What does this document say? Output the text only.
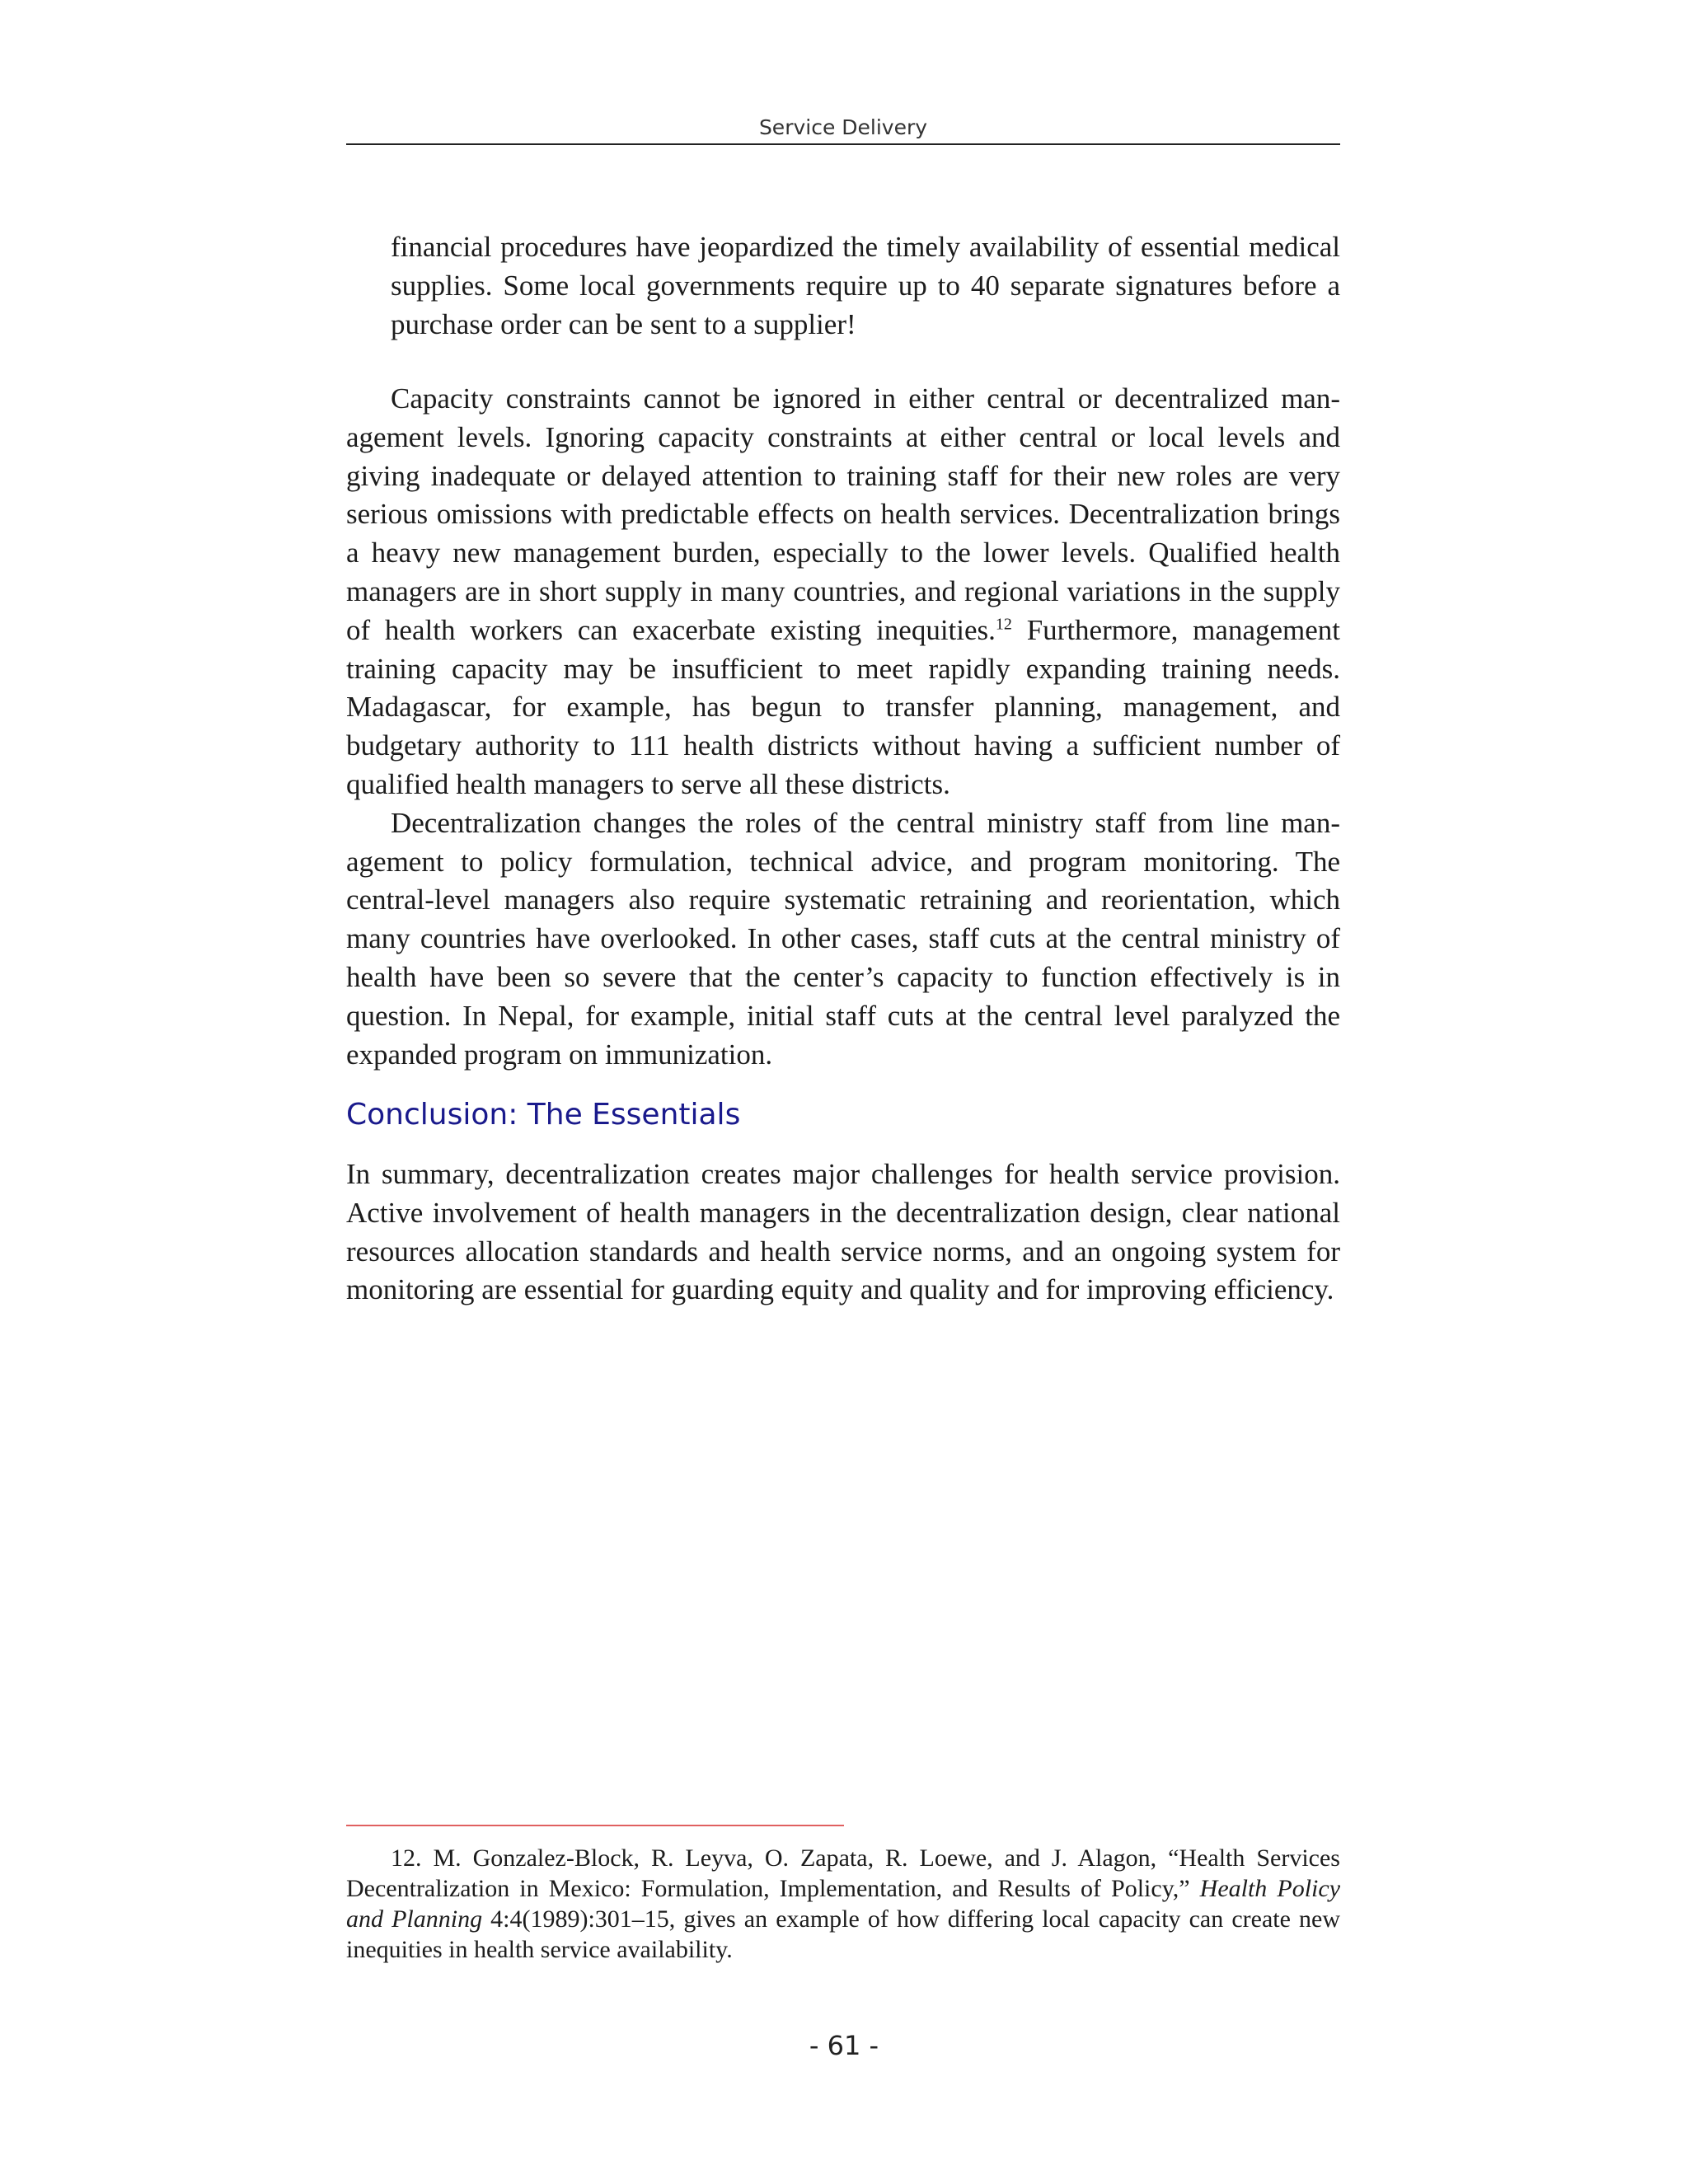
Service Delivery

financial procedures have jeopardized the timely availability of essential medical supplies. Some local governments require up to 40 separate signatures before a purchase order can be sent to a supplier!

Capacity constraints cannot be ignored in either central or decentralized management levels. Ignoring capacity constraints at either central or local levels and giving inadequate or delayed attention to training staff for their new roles are very serious omissions with predictable effects on health services. Decentralization brings a heavy new management burden, especially to the lower levels. Qualified health managers are in short supply in many countries, and regional variations in the supply of health workers can exacerbate existing inequities.$^{12}$ Furthermore, management training capacity may be insufficient to meet rapidly expanding training needs. Madagascar, for example, has begun to transfer planning, management, and budgetary authority to 111 health districts without having a sufficient number of qualified health managers to serve all these districts.

Decentralization changes the roles of the central ministry staff from line management to policy formulation, technical advice, and program monitoring. The central-level managers also require systematic retraining and reorientation, which many countries have overlooked. In other cases, staff cuts at the central ministry of health have been so severe that the center’s capacity to function effectively is in question. In Nepal, for example, initial staff cuts at the central level paralyzed the expanded program on immunization.

Conclusion: The Essentials

In summary, decentralization creates major challenges for health service provision. Active involvement of health managers in the decentralization design, clear national resources allocation standards and health service norms, and an ongoing system for monitoring are essential for guarding equity and quality and for improving efficiency.

12. M. Gonzalez-Block, R. Leyva, O. Zapata, R. Loewe, and J. Alagon, “Health Services Decentralization in Mexico: Formulation, Implementation, and Results of Policy,” Health Policy and Planning 4:4(1989):301–15, gives an example of how differing local capacity can create new inequities in health service availability.

- 61 -
